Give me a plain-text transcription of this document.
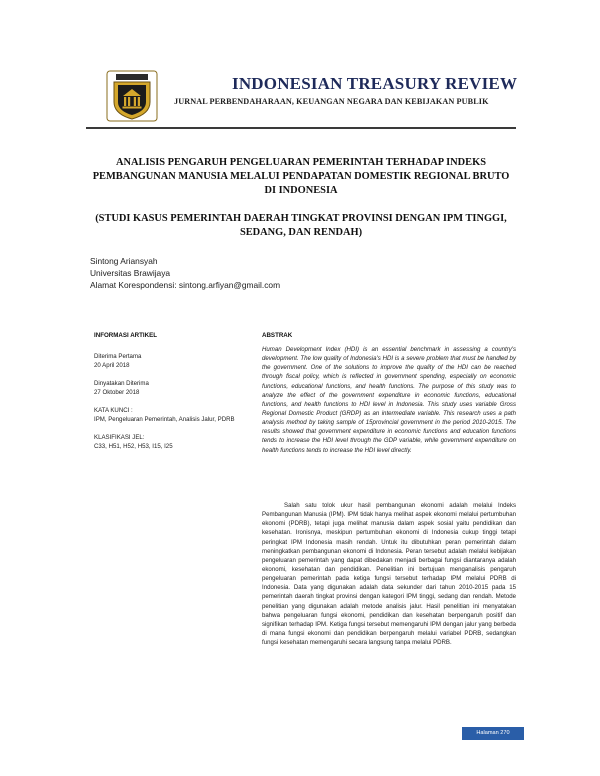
INDONESIAN TREASURY REVIEW
JURNAL PERBENDAHARAAN, KEUANGAN NEGARA DAN KEBIJAKAN PUBLIK
ANALISIS PENGARUH PENGELUARAN PEMERINTAH TERHADAP INDEKS PEMBANGUNAN MANUSIA MELALUI PENDAPATAN DOMESTIK REGIONAL BRUTO DI INDONESIA
(STUDI KASUS PEMERINTAH DAERAH TINGKAT PROVINSI DENGAN IPM TINGGI, SEDANG, DAN RENDAH)
Sintong Ariansyah
Universitas Brawijaya
Alamat Korespondensi: sintong.arfiyan@gmail.com
INFORMASI ARTIKEL	ABSTRAK
Diterima Pertama
20 April 2018
Dinyatakan Diterima
27 Oktober 2018
KATA KUNCI :
IPM, Pengeluaran Pemerintah, Analisis Jalur, PDRB
KLASIFIKASI JEL:
C33, H51, H52, H53, I15, I25

Human Development Index (HDI) is an essential benchmark in assessing a country's development. The low quality of Indonesia's HDI is a severe problem that must be handled by the government. One of the solutions to improve the quality of the HDI can be reached through fiscal policy, which is reflected in government spending, especially on economic functions, educational functions, and health functions. The purpose of this study was to analyze the effect of the government expenditure in economic functions, educational functions, and health functions to HDI level in Indonesia. This study uses variable Gross Regional Domestic Product (GRDP) as an intermediate variable. This research uses a path analysis method by taking sample of 15provincial government in the period 2010-2015. The results showed that government expenditure in economic functions and education functions tends to increase the HDI level through the GDP variable, while government expenditure on health functions tends to increase the HDI level directly.

Salah satu tolok ukur hasil pembangunan ekonomi adalah melalui Indeks Pembangunan Manusia (IPM). IPM tidak hanya melihat aspek ekonomi melalui pertumbuhan ekonomi (PDRB), tetapi juga melihat manusia dalam aspek sosial yaitu pendidikan dan kesehatan. Ironisnya, meskipun pertumbuhan ekonomi di Indonesia cukup tinggi tetapi peringkat IPM Indonesia masih rendah. Untuk itu dibutuhkan peran pemerintah dalam meningkatkan pembangunan ekonomi di Indonesia. Peran tersebut adalah melalui kebijakan pengeluaran pemerintah yang dapat dibedakan menjadi berbagai fungsi diantaranya adalah ekonomi, kesehatan dan pendidikan. Penelitian ini bertujuan menganalisis pengaruh pengeluaran pemerintah pada ketiga fungsi tersebut terhadap IPM melalui PDRB di Indonesia. Data yang digunakan adalah data sekunder dari tahun 2010-2015 pada 15 pemerintah daerah tingkat provinsi dengan kategori IPM tinggi, sedang dan rendah. Metode penelitian yang digunakan adalah metode analisis jalur. Hasil penelitian ini menyatakan bahwa pengeluaran fungsi ekonomi, pendidikan dan kesehatan berpengaruh positif dan signifikan terhadap IPM. Ketiga fungsi tersebut memengaruhi IPM dengan jalur yang berbeda di mana fungsi ekonomi dan pendidikan berpengaruh melalui variabel PDRB, sedangkan fungsi kesehatan memengaruhi secara langsung tanpa melalui PDRB.

Halaman 270
